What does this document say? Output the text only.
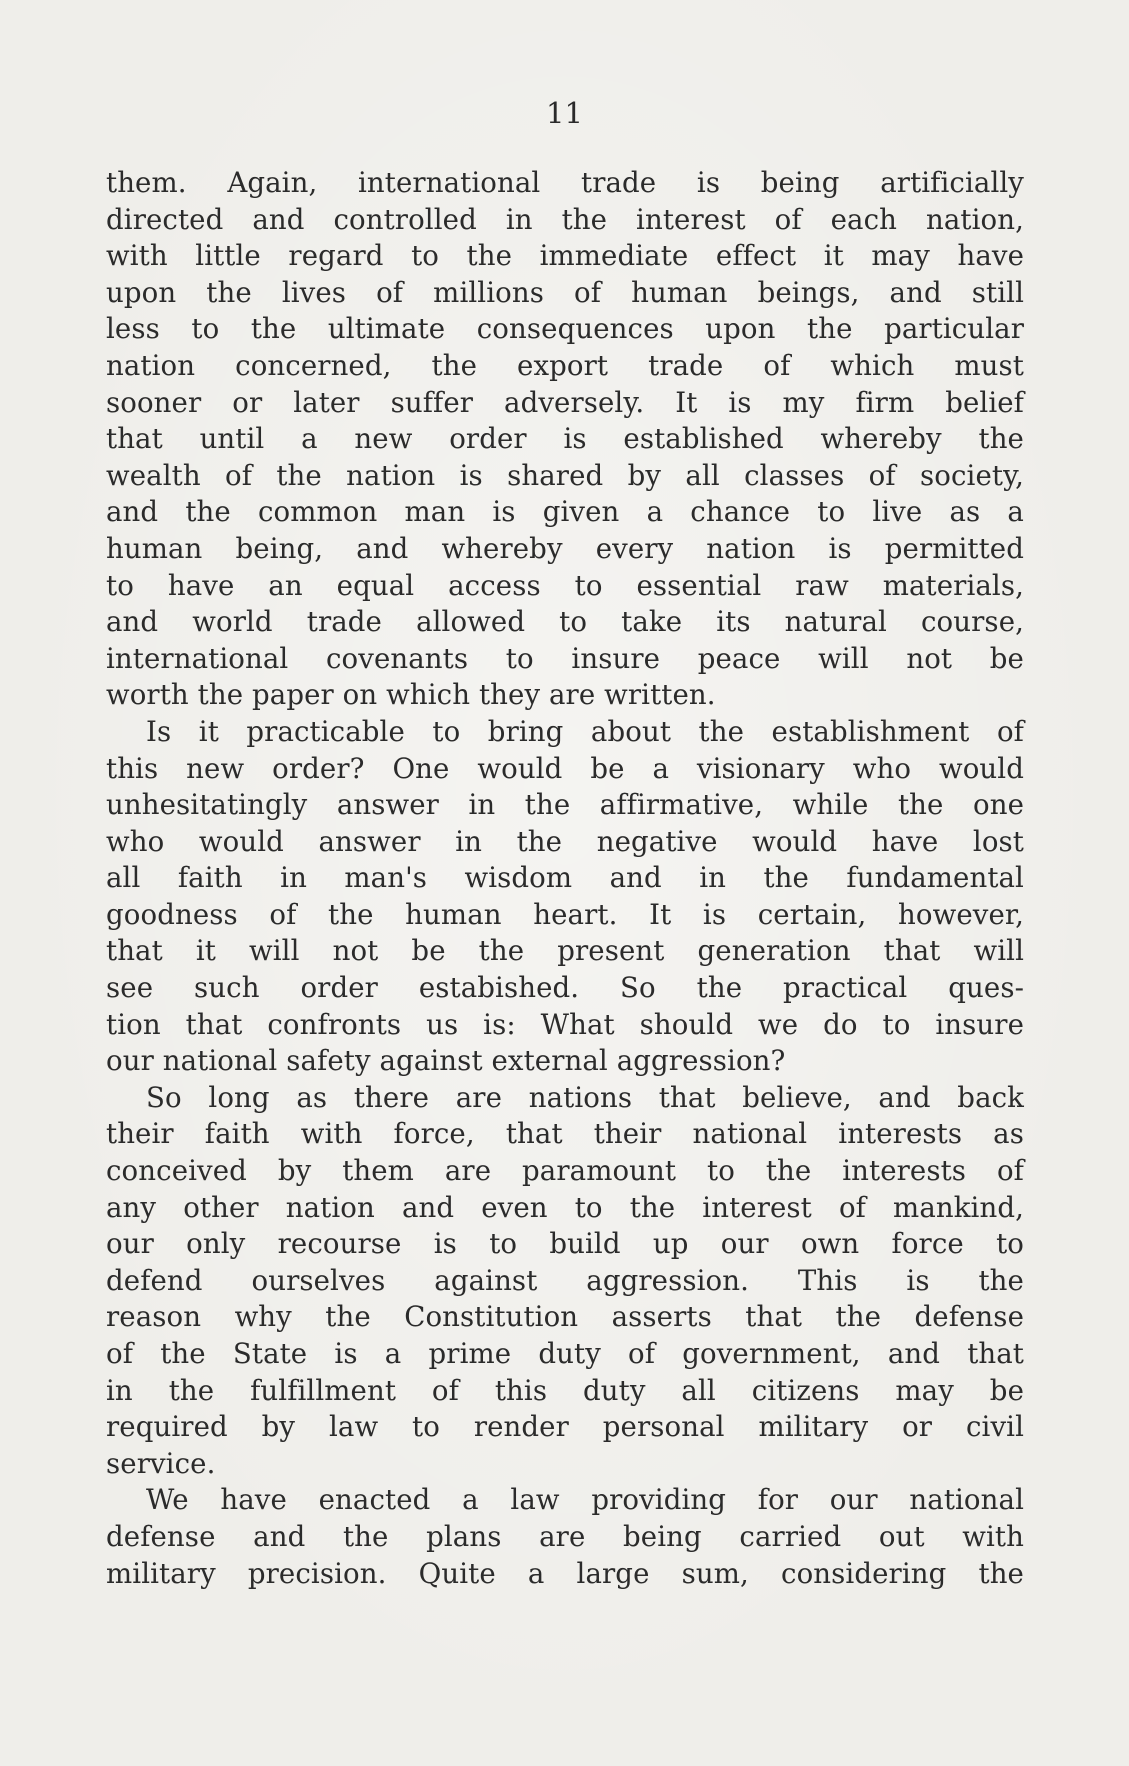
11

them. Again, international trade is being artificially
directed and controlled in the interest of each nation,
with little regard to the immediate effect it may have
upon the lives of millions of human beings, and still
less to the ultimate consequences upon the particular
nation concerned, the export trade of which must
sooner or later suffer adversely. It is my firm belief
that until a new order is established whereby the
wealth of the nation is shared by all classes of society,
and the common man is given a chance to live as a
human being, and whereby every nation is permitted
to have an equal access to essential raw materials,
and world trade allowed to take its natural course,
international covenants to insure peace will not be
worth the paper on which they are written.
Is it practicable to bring about the establishment of
this new order? One would be a visionary who would
unhesitatingly answer in the affirmative, while the one
who would answer in the negative would have lost
all faith in man's wisdom and in the fundamental
goodness of the human heart. It is certain, however,
that it will not be the present generation that will
see such order estabished. So the practical ques-
tion that confronts us is: What should we do to insure
our national safety against external aggression?
So long as there are nations that believe, and back
their faith with force, that their national interests as
conceived by them are paramount to the interests of
any other nation and even to the interest of mankind,
our only recourse is to build up our own force to
defend ourselves against aggression. This is the
reason why the Constitution asserts that the defense
of the State is a prime duty of government, and that
in the fulfillment of this duty all citizens may be
required by law to render personal military or civil
service.
We have enacted a law providing for our national
defense and the plans are being carried out with
military precision. Quite a large sum, considering the
